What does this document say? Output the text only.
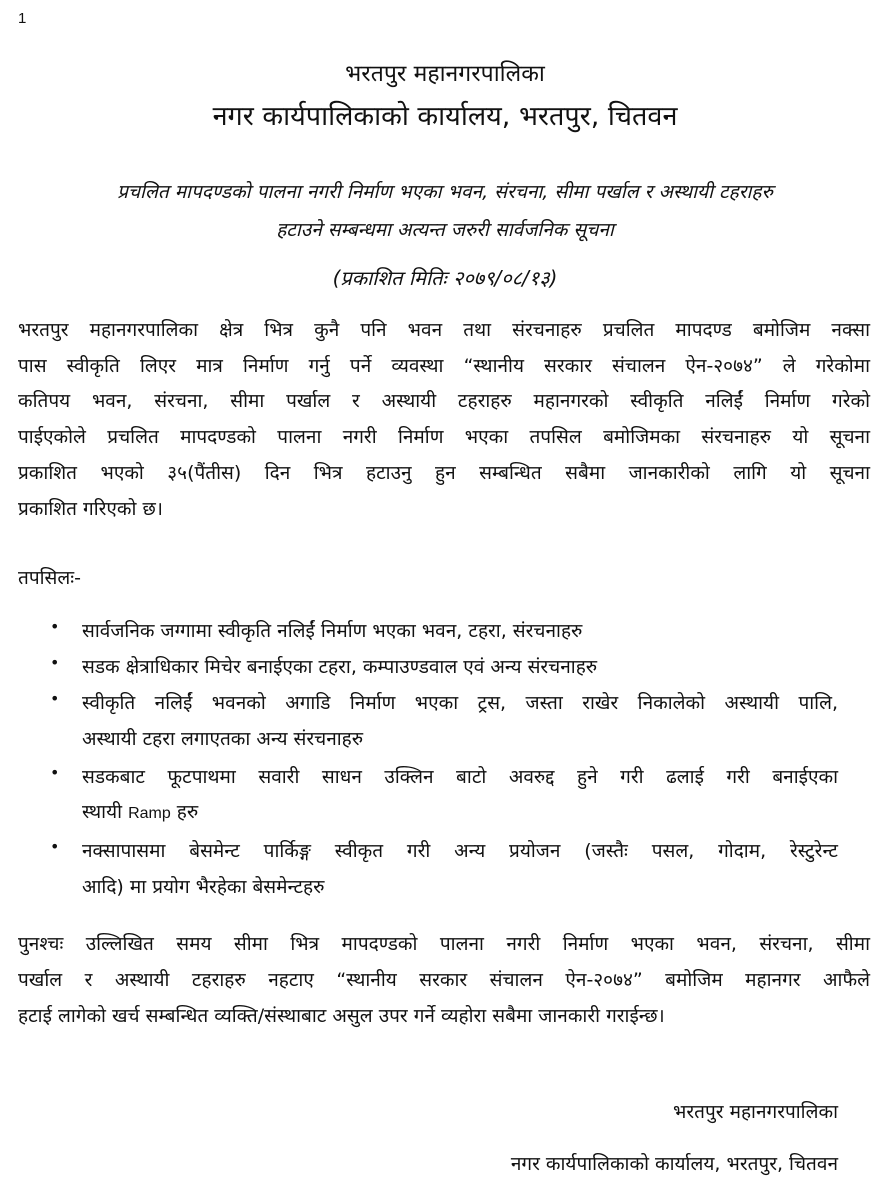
1
भरतपुर महानगरपालिका
नगर कार्यपालिकाको कार्यालय, भरतपुर, चितवन
प्रचलित मापदण्डको पालना नगरी निर्माण भएका भवन, संरचना, सीमा पर्खाल र अस्थायी टहराहरु
हटाउने सम्बन्धमा अत्यन्त जरुरी सार्वजनिक सूचना
(प्रकाशित मितिः २०७९/०८/१३)
भरतपुर महानगरपालिका क्षेत्र भित्र कुनै पनि भवन तथा संरचनाहरु प्रचलित मापदण्ड बमोजिम नक्सा
पास स्वीकृति लिएर मात्र निर्माण गर्नु पर्ने व्यवस्था “स्थानीय सरकार संचालन ऐन-२०७४” ले गरेकोमा
कतिपय भवन, संरचना, सीमा पर्खाल र अस्थायी टहराहरु महानगरको स्वीकृति नलिईं निर्माण गरेको
पाईएकोले प्रचलित मापदण्डको पालना नगरी निर्माण भएका तपसिल बमोजिमका संरचनाहरु यो सूचना
प्रकाशित भएको ३५(पैंतीस) दिन भित्र हटाउनु हुन सम्बन्धित सबैमा जानकारीको लागि यो सूचना
प्रकाशित गरिएको छ।
तपसिलः-
• सार्वजनिक जग्गामा स्वीकृति नलिईं निर्माण भएका भवन, टहरा, संरचनाहरु
• सडक क्षेत्राधिकार मिचेर बनाईएका टहरा, कम्पाउण्डवाल एवं अन्य संरचनाहरु
• स्वीकृति नलिईं भवनको अगाडि निर्माण भएका ट्रस, जस्ता राखेर निकालेको अस्थायी पालि,
अस्थायी टहरा लगाएतका अन्य संरचनाहरु
• सडकबाट फूटपाथमा सवारी साधन उक्लिन बाटो अवरुद्द हुने गरी ढलाई गरी बनाईएका
स्थायी Ramp हरु
• नक्सापासमा बेसमेन्ट पार्किङ्ग स्वीकृत गरी अन्य प्रयोजन (जस्तैः पसल, गोदाम, रेस्टुरेन्ट
आदि) मा प्रयोग भैरहेका बेसमेन्टहरु
पुनश्चः उल्लिखित समय सीमा भित्र मापदण्डको पालना नगरी निर्माण भएका भवन, संरचना, सीमा
पर्खाल र अस्थायी टहराहरु नहटाए “स्थानीय सरकार संचालन ऐन-२०७४” बमोजिम महानगर आफैले
हटाई लागेको खर्च सम्बन्धित व्यक्ति/संस्थाबाट असुल उपर गर्ने व्यहोरा सबैमा जानकारी गराईन्छ।
भरतपुर महानगरपालिका
नगर कार्यपालिकाको कार्यालय, भरतपुर, चितवन
